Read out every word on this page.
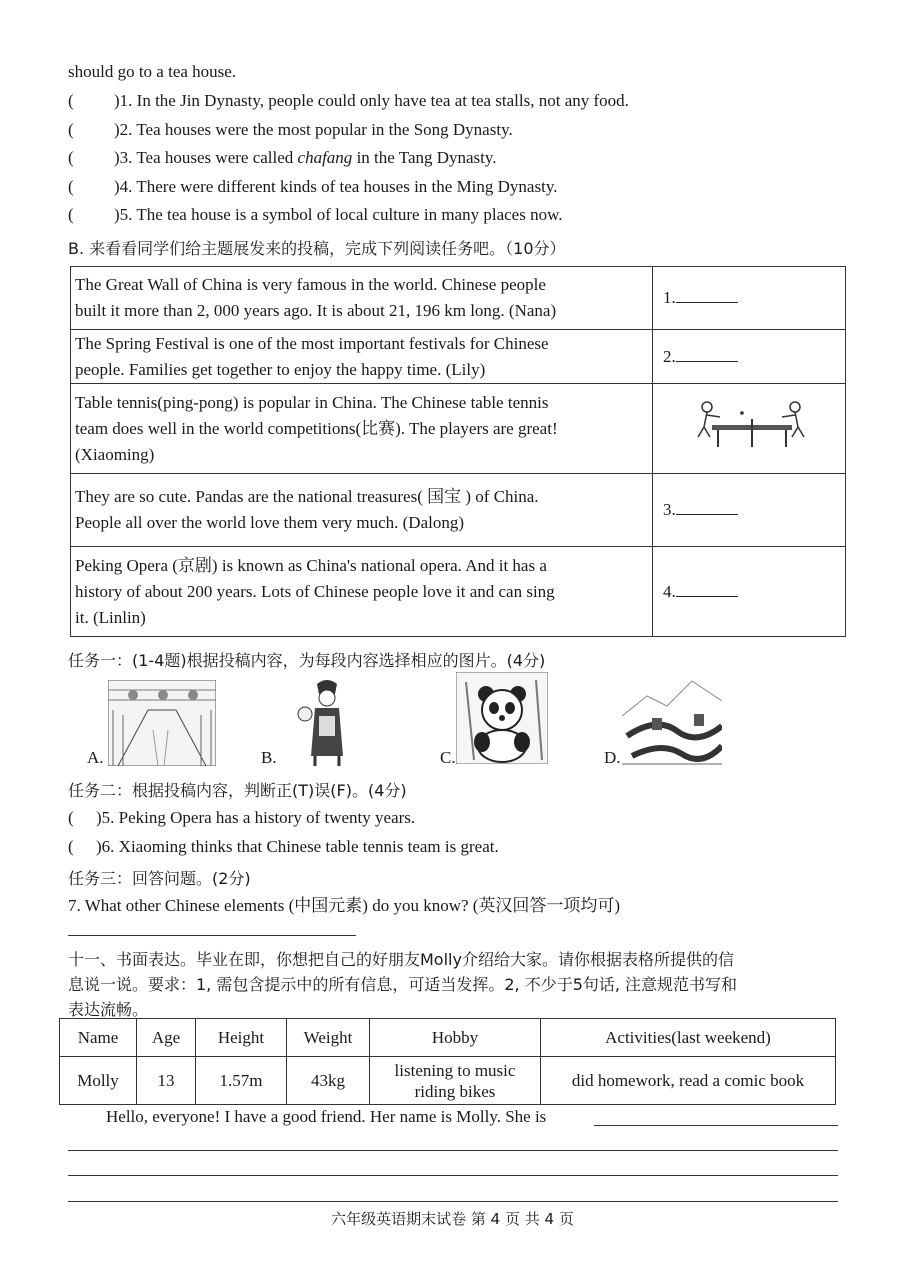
should go to a tea house.
( )1. In the Jin Dynasty, people could only have tea at tea stalls, not any food.
( )2. Tea houses were the most popular in the Song Dynasty.
( )3. Tea houses were called chafang in the Tang Dynasty.
( )4. There were different kinds of tea houses in the Ming Dynasty.
( )5. The tea house is a symbol of local culture in many places now.
B. 来看看同学们给主题展发来的投稿，完成下列阅读任务吧。（10分）
The Great Wall of China is very famous in the world. Chinese people
built it more than 2, 000 years ago. It is about 21, 196 km long. (Nana)	1.
The Spring Festival is one of the most important festivals for Chinese
people. Families get together to enjoy the happy time. (Lily)	2.
Table tennis(ping-pong) is popular in China. The Chinese table tennis
team does well in the world competitions(比赛). The players are great!
(Xiaoming)	
They are so cute. Pandas are the national treasures( 国宝 ) of China.
People all over the world love them very much. (Dalong)	3.
Peking Opera (京剧) is known as China's national opera. And it has a
history of about 200 years. Lots of Chinese people love it and can sing
it. (Linlin)	4.
任务一：(1-4题)根据投稿内容，为每段内容选择相应的图片。(4分)
A.	B.	C.	D.
任务二：根据投稿内容，判断正(T)误(F)。(4分)
( )5. Peking Opera has a history of twenty years.
( )6. Xiaoming thinks that Chinese table tennis team is great.
任务三：回答问题。(2分)
7. What other Chinese elements (中国元素) do you know? (英汉回答一项均可)
十一、书面表达。毕业在即，你想把自己的好朋友Molly介绍给大家。请你根据表格所提供的信
息说一说。要求：1, 需包含提示中的所有信息，可适当发挥。2, 不少于5句话, 注意规范书写和
表达流畅。
Name	Age	Height	Weight	Hobby	Activities(last weekend)
Molly	13	1.57m	43kg	listening to music
riding bikes	did homework, read a comic book
Hello, everyone! I have a good friend. Her name is Molly. She is
六年级英语期末试卷 第 4 页 共 4 页
